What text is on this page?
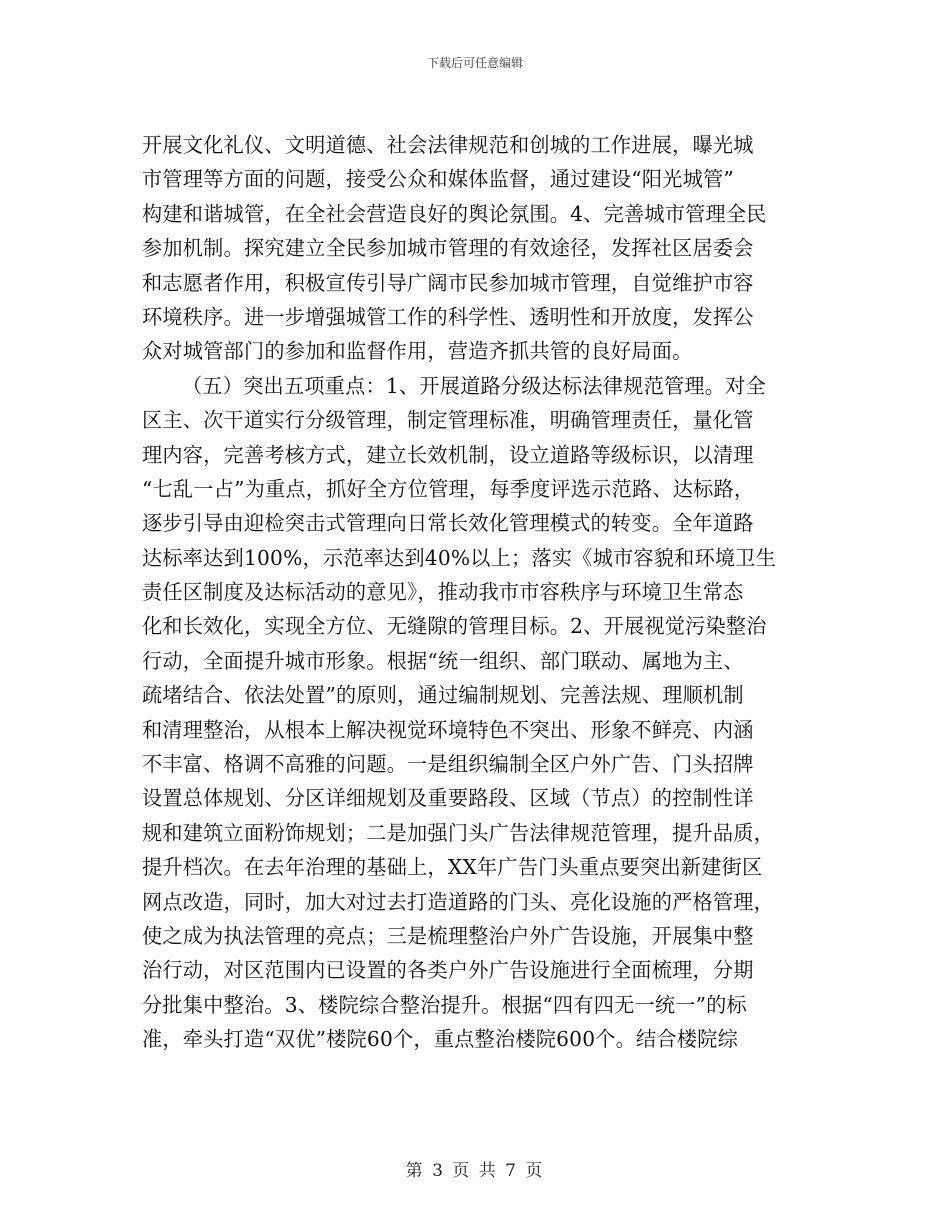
下载后可任意编辑
开展文化礼仪、文明道德、社会法律规范和创城的工作进展，曝光城
市管理等方面的问题，接受公众和媒体监督，通过建设“阳光城管”
构建和谐城管，在全社会营造良好的舆论氛围。4、完善城市管理全民
参加机制。探究建立全民参加城市管理的有效途径，发挥社区居委会
和志愿者作用，积极宣传引导广阔市民参加城市管理，自觉维护市容
环境秩序。进一步增强城管工作的科学性、透明性和开放度，发挥公
众对城管部门的参加和监督作用，营造齐抓共管的良好局面。
（五）突出五项重点：1、开展道路分级达标法律规范管理。对全
区主、次干道实行分级管理，制定管理标准，明确管理责任，量化管
理内容，完善考核方式，建立长效机制，设立道路等级标识，以清理
“七乱一占”为重点，抓好全方位管理，每季度评选示范路、达标路，
逐步引导由迎检突击式管理向日常长效化管理模式的转变。全年道路
达标率达到100%，示范率达到40%以上；落实《城市容貌和环境卫生
责任区制度及达标活动的意见》，推动我市市容秩序与环境卫生常态
化和长效化，实现全方位、无缝隙的管理目标。2、开展视觉污染整治
行动，全面提升城市形象。根据“统一组织、部门联动、属地为主、
疏堵结合、依法处置”的原则，通过编制规划、完善法规、理顺机制
和清理整治，从根本上解决视觉环境特色不突出、形象不鲜亮、内涵
不丰富、格调不高雅的问题。一是组织编制全区户外广告、门头招牌
设置总体规划、分区详细规划及重要路段、区域（节点）的控制性详
规和建筑立面粉饰规划；二是加强门头广告法律规范管理，提升品质，
提升档次。在去年治理的基础上，XX年广告门头重点要突出新建街区
网点改造，同时，加大对过去打造道路的门头、亮化设施的严格管理，
使之成为执法管理的亮点；三是梳理整治户外广告设施，开展集中整
治行动，对区范围内已设置的各类户外广告设施进行全面梳理，分期
分批集中整治。3、楼院综合整治提升。根据“四有四无一统一”的标
准，牵头打造“双优”楼院60个，重点整治楼院600个。结合楼院综
第 3 页 共 7 页
